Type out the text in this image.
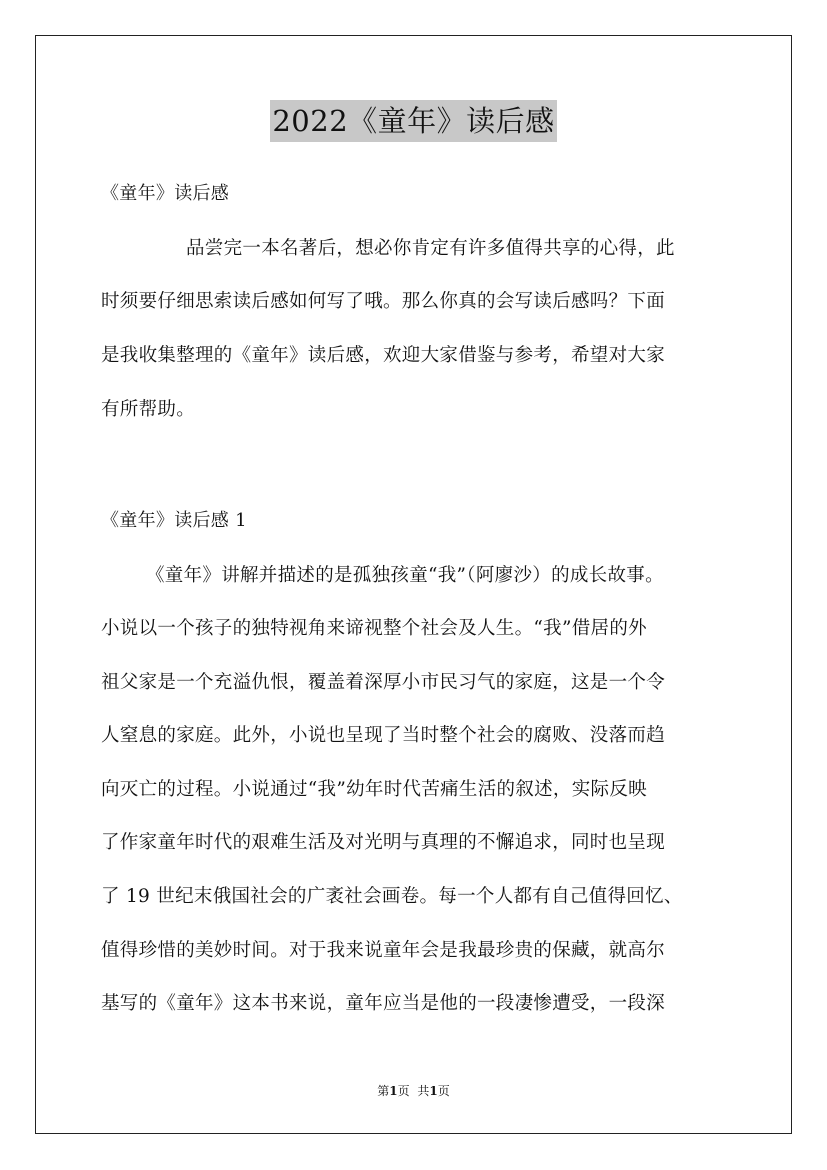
2022《童年》读后感
《童年》读后感
品尝完一本名著后，想必你肯定有许多值得共享的心得，此
时须要仔细思索读后感如何写了哦。那么你真的会写读后感吗？下面
是我收集整理的《童年》读后感，欢迎大家借鉴与参考，希望对大家
有所帮助。
《童年》读后感 1
《童年》讲解并描述的是孤独孩童“我”（阿廖沙）的成长故事。
小说以一个孩子的独特视角来谛视整个社会及人生。“我”借居的外
祖父家是一个充溢仇恨，覆盖着深厚小市民习气的家庭，这是一个令
人窒息的家庭。此外，小说也呈现了当时整个社会的腐败、没落而趋
向灭亡的过程。小说通过“我”幼年时代苦痛生活的叙述，实际反映
了作家童年时代的艰难生活及对光明与真理的不懈追求，同时也呈现
了 19 世纪末俄国社会的广袤社会画卷。每一个人都有自己值得回忆、
值得珍惜的美妙时间。对于我来说童年会是我最珍贵的保藏，就高尔
基写的《童年》这本书来说，童年应当是他的一段凄惨遭受，一段深
第1页 共1页
